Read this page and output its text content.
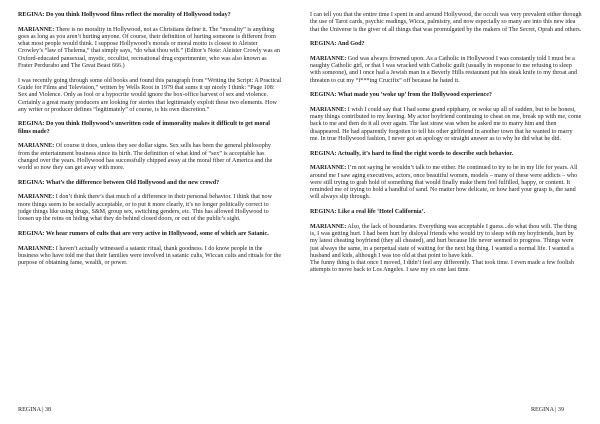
REGINA: Do you think Hollywood films reflect the morality of Hollywood today?

MARIANNE: There is no morality in Hollywood, not as Christians define it. The “morality” is anything goes as long as you aren’t hurting anyone. Of course, their definition of hurting someone is different from what most people would think. I suppose Hollywood’s morals or moral motto is closest to Aleister Crowley’s “law of Thelema,” that simply says, “do what thou wilt.” (Editor’s Note: Aleister Crowly was an Oxford-educated pansexual, mystic, occultist, recreational drug experimenter, who was also known as Frater Perdurabo and The Great Beast 666.)

I was recently going through some old books and found this paragraph from “Writing the Script: A Practical Guide for Films and Television,” written by Wells Root in 1979 that sums it up nicely I think: “Page 108: Sex and Violence. Only as fool or a hypocrite would ignore the box-office harvest of sex and violence. Certainly a great many producers are looking for stories that legitimately exploit these two elements. How any writer or producer defines “legitimately” of course, is his own discretion.”

REGINA: Do you think Hollywood’s unwritten code of immorality makes it difficult to get moral films made?

MARIANNE: Of course it does, unless they see dollar signs. Sex sells has been the general philosophy from the entertainment business since its birth. The definition of what kind of “sex” is acceptable has changed over the years. Hollywood has successfully chipped away at the moral fiber of America and the world so now they can get away with more.

REGINA: What’s the difference between Old Hollywood and the new crowd?

MARIANNE: I don’t think there’s that much of a difference in their personal behavior. I think that now more things seem to be socially acceptable, or to put it more clearly, it’s no longer politically correct to judge things like using drugs, S&M, group sex, switching genders, etc. This has allowed Hollywood to loosen up the reins on hiding what they do behind closed doors, or out of the public’s sight.

REGINA: We hear rumors of cults that are very active in Hollywood, some of which are Satanic.

MARIANNE: I haven’t actually witnessed a satanic ritual, thank goodness. I do know people in the business who have told me that their families were involved in satanic cults, Wiccan cults and rituals for the purpose of obtaining fame, wealth, or power.

REGINA | 38

I can tell you that the entire time I spent in and around Hollywood, the occult was very prevalent either through the use of Tarot cards, psychic readings, Wicca, palmistry, and now especially so many are into this new idea that the Universe is the giver of all things that was promulgated by the makers of The Secret, Oprah and others.

REGINA: And God?

MARIANNE: God was always frowned upon. As a Catholic in Hollywood I was constantly told I must be a naughty Catholic girl, or that I was wracked with Catholic guilt (usually in response to me refusing to sleep with someone), and I once had a Jewish man in a Beverly Hills restaurant put his steak knife to my throat and threaten to cut my “f***ing Crucifix” off because he hated it.

REGINA: What made you ‘woke up’ from the Hollywood experience?

MARIANNE: I wish I could say that I had some grand epiphany, or woke up all of sudden, but to be honest, many things contributed to my leaving. My actor boyfriend continuing to cheat on me, break up with me, come back to me and then do it all over again. The last straw was when he asked me to marry him and then disappeared. He had apparently forgotten to tell his other girlfriend in another town that he wanted to marry me. In true Hollywood fashion, I never got an apology or straight answer as to why he did what he did.

REGINA: Actually, it’s hard to find the right words to describe such behavior.

MARIANNE: I’m not saying he wouldn’t talk to me either. He continued to try to be in my life for years. All around me I saw aging executives, actors, once beautiful women, models – many of these were addicts – who were still trying to grab hold of something that would finally make them feel fulfilled, happy, or content. It reminded me of trying to hold a handful of sand. No matter how delicate, or how hard your grasp is, the sand will always slip through.

REGINA: Like a real life ‘Hotel California’.

MARIANNE: Also, the lack of boundaries. Everything was acceptable I guess...do what thou wilt. The thing is, I was getting hurt. I had been hurt by disloyal friends who would try to sleep with my boyfriends, hurt by my latest cheating boyfriend (they all cheated), and hurt because life never seemed to progress. Things were just always the same, in a perpetual state of waiting for the next big thing. I wanted a normal life. I wanted a husband and kids, although I was too old at that point to have kids.

The funny thing is that once I moved, I didn’t feel any differently. That took time. I even made a few foolish attempts to move back to Los Angeles. I saw my ex one last time.

REGINA | 39
